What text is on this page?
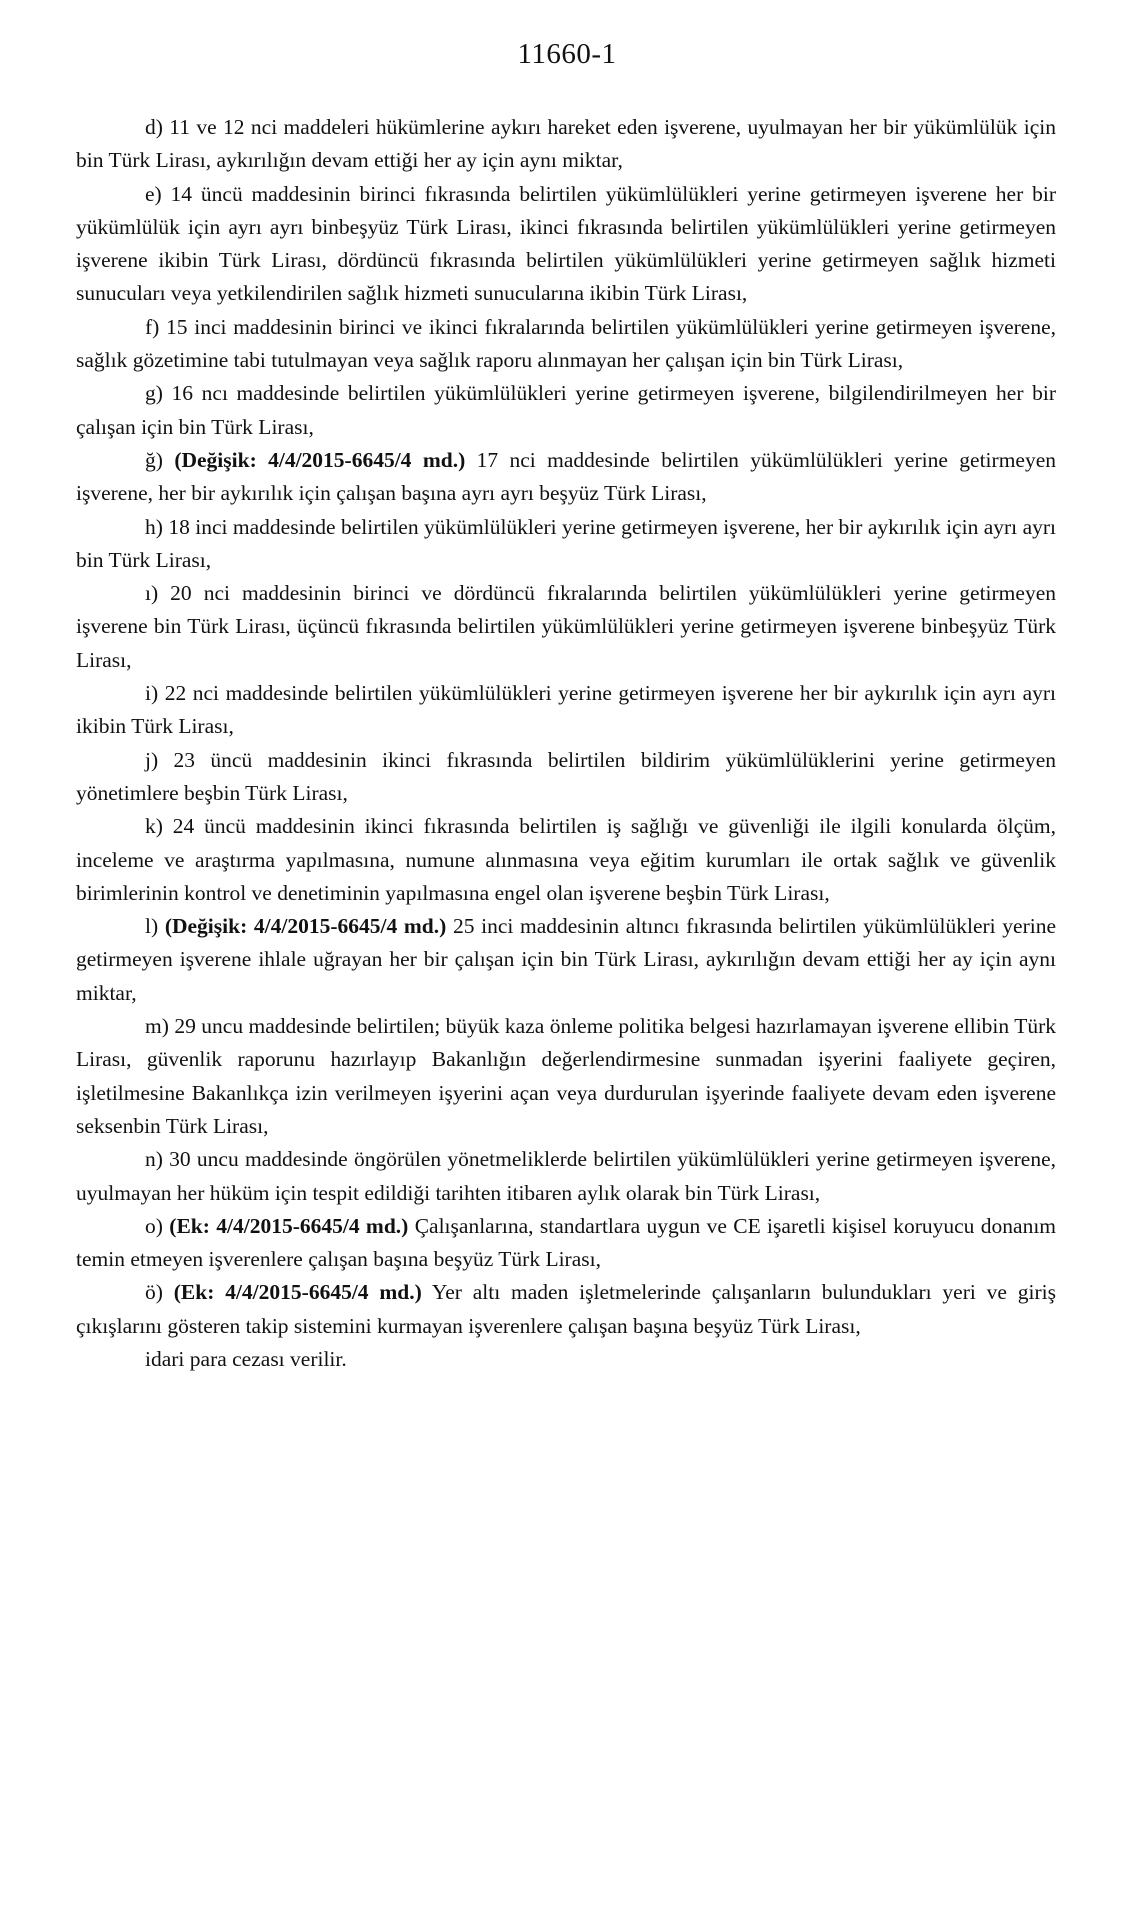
11660-1

d) 11 ve 12 nci maddeleri hükümlerine aykırı hareket eden işverene, uyulmayan her bir yükümlülük için bin Türk Lirası, aykırılığın devam ettiği her ay için aynı miktar,

e) 14 üncü maddesinin birinci fıkrasında belirtilen yükümlülükleri yerine getirmeyen işverene her bir yükümlülük için ayrı ayrı binbeşyüz Türk Lirası, ikinci fıkrasında belirtilen yükümlülükleri yerine getirmeyen işverene ikibin Türk Lirası, dördüncü fıkrasında belirtilen yükümlülükleri yerine getirmeyen sağlık hizmeti sunucuları veya yetkilendirilen sağlık hizmeti sunucularına ikibin Türk Lirası,

f) 15 inci maddesinin birinci ve ikinci fıkralarında belirtilen yükümlülükleri yerine getirmeyen işverene, sağlık gözetimine tabi tutulmayan veya sağlık raporu alınmayan her çalışan için bin Türk Lirası,

g) 16 ncı maddesinde belirtilen yükümlülükleri yerine getirmeyen işverene, bilgilendirilmeyen her bir çalışan için bin Türk Lirası,

ğ) (Değişik: 4/4/2015-6645/4 md.) 17 nci maddesinde belirtilen yükümlülükleri yerine getirmeyen işverene, her bir aykırılık için çalışan başına ayrı ayrı beşyüz Türk Lirası,

h) 18 inci maddesinde belirtilen yükümlülükleri yerine getirmeyen işverene, her bir aykırılık için ayrı ayrı bin Türk Lirası,

ı) 20 nci maddesinin birinci ve dördüncü fıkralarında belirtilen yükümlülükleri yerine getirmeyen işverene bin Türk Lirası, üçüncü fıkrasında belirtilen yükümlülükleri yerine getirmeyen işverene binbeşyüz Türk Lirası,

i) 22 nci maddesinde belirtilen yükümlülükleri yerine getirmeyen işverene her bir aykırılık için ayrı ayrı ikibin Türk Lirası,

j) 23 üncü maddesinin ikinci fıkrasında belirtilen bildirim yükümlülüklerini yerine getirmeyen yönetimlere beşbin Türk Lirası,

k) 24 üncü maddesinin ikinci fıkrasında belirtilen iş sağlığı ve güvenliği ile ilgili konularda ölçüm, inceleme ve araştırma yapılmasına, numune alınmasına veya eğitim kurumları ile ortak sağlık ve güvenlik birimlerinin kontrol ve denetiminin yapılmasına engel olan işverene beşbin Türk Lirası,

l) (Değişik: 4/4/2015-6645/4 md.) 25 inci maddesinin altıncı fıkrasında belirtilen yükümlülükleri yerine getirmeyen işverene ihlale uğrayan her bir çalışan için bin Türk Lirası, aykırılığın devam ettiği her ay için aynı miktar,

m) 29 uncu maddesinde belirtilen; büyük kaza önleme politika belgesi hazırlamayan işverene ellibin Türk Lirası, güvenlik raporunu hazırlayıp Bakanlığın değerlendirmesine sunmadan işyerini faaliyete geçiren, işletilmesine Bakanlıkça izin verilmeyen işyerini açan veya durdurulan işyerinde faaliyete devam eden işverene seksenbin Türk Lirası,

n) 30 uncu maddesinde öngörülen yönetmeliklerde belirtilen yükümlülükleri yerine getirmeyen işverene, uyulmayan her hüküm için tespit edildiği tarihten itibaren aylık olarak bin Türk Lirası,

o) (Ek: 4/4/2015-6645/4 md.) Çalışanlarına, standartlara uygun ve CE işaretli kişisel koruyucu donanım temin etmeyen işverenlere çalışan başına beşyüz Türk Lirası,

ö) (Ek: 4/4/2015-6645/4 md.) Yer altı maden işletmelerinde çalışanların bulundukları yeri ve giriş çıkışlarını gösteren takip sistemini kurmayan işverenlere çalışan başına beşyüz Türk Lirası,

idari para cezası verilir.
